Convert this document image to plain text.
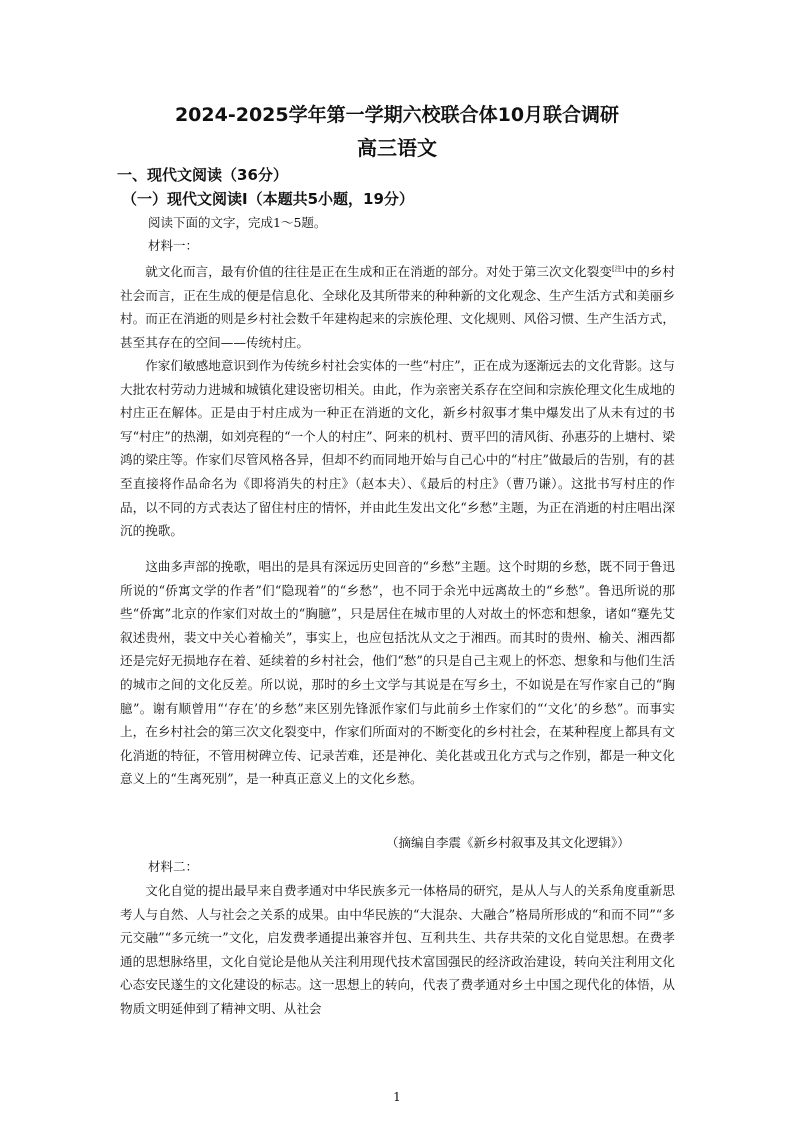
2024-2025学年第一学期六校联合体10月联合调研
高三语文
一、现代文阅读（36分）
（一）现代文阅读Ⅰ（本题共5小题，19分）
阅读下面的文字，完成1～5题。
材料一：

就文化而言，最有价值的往往是正在生成和正在消逝的部分。对处于第三次文化裂变[注]中的乡村社会而言，正在生成的便是信息化、全球化及其所带来的种种新的文化观念、生产生活方式和美丽乡村。而正在消逝的则是乡村社会数千年建构起来的宗族伦理、文化规则、风俗习惯、生产生活方式，甚至其存在的空间——传统村庄。

作家们敏感地意识到作为传统乡村社会实体的一些“村庄”，正在成为逐渐远去的文化背影。这与大批农村劳动力进城和城镇化建设密切相关。由此，作为亲密关系存在空间和宗族伦理文化生成地的村庄正在解体。正是由于村庄成为一种正在消逝的文化，新乡村叙事才集中爆发出了从未有过的书写“村庄”的热潮，如刘亮程的“一个人的村庄”、阿来的机村、贾平凹的清风街、孙惠芬的上塘村、梁鸿的梁庄等。作家们尽管风格各异，但却不约而同地开始与自己心中的“村庄”做最后的告别，有的甚至直接将作品命名为《即将消失的村庄》（赵本夫）、《最后的村庄》（曹乃谦）。这批书写村庄的作品，以不同的方式表达了留住村庄的情怀，并由此生发出文化“乡愁”主题，为正在消逝的村庄唱出深沉的挽歌。

这曲多声部的挽歌，唱出的是具有深远历史回音的“乡愁”主题。这个时期的乡愁，既不同于鲁迅所说的“侨寓文学的作者”们“隐现着”的“乡愁”，也不同于余光中远离故土的“乡愁”。鲁迅所说的那些“侨寓”北京的作家们对故土的“胸臆”，只是居住在城市里的人对故土的怀恋和想象，诸如“蹇先艾叙述贵州，裴文中关心着榆关”，事实上，也应包括沈从文之于湘西。而其时的贵州、榆关、湘西都还是完好无损地存在着、延续着的乡村社会，他们“愁”的只是自己主观上的怀恋、想象和与他们生活的城市之间的文化反差。所以说，那时的乡土文学与其说是在写乡土，不如说是在写作家自己的“胸臆”。谢有顺曾用“‘存在’的乡愁”来区别先锋派作家们与此前乡土作家们的“‘文化’的乡愁”。而事实上，在乡村社会的第三次文化裂变中，作家们所面对的不断变化的乡村社会，在某种程度上都具有文化消逝的特征，不管用树碑立传、记录苦难，还是神化、美化甚或丑化方式与之作别，都是一种文化意义上的“生离死别”，是一种真正意义上的文化乡愁。

（摘编自李震《新乡村叙事及其文化逻辑》）
材料二：

文化自觉的提出最早来自费孝通对中华民族多元一体格局的研究，是从人与人的关系角度重新思考人与自然、人与社会之关系的成果。由中华民族的“大混杂、大融合”格局所形成的“和而不同”“多元交融”“多元统一”文化，启发费孝通提出兼容并包、互利共生、共存共荣的文化自觉思想。在费孝通的思想脉络里，文化自觉论是他从关注利用现代技术富国强民的经济政治建设，转向关注利用文化心态安民遂生的文化建设的标志。这一思想上的转向，代表了费孝通对乡土中国之现代化的体悟，从物质文明延伸到了精神文明、从社会

1
